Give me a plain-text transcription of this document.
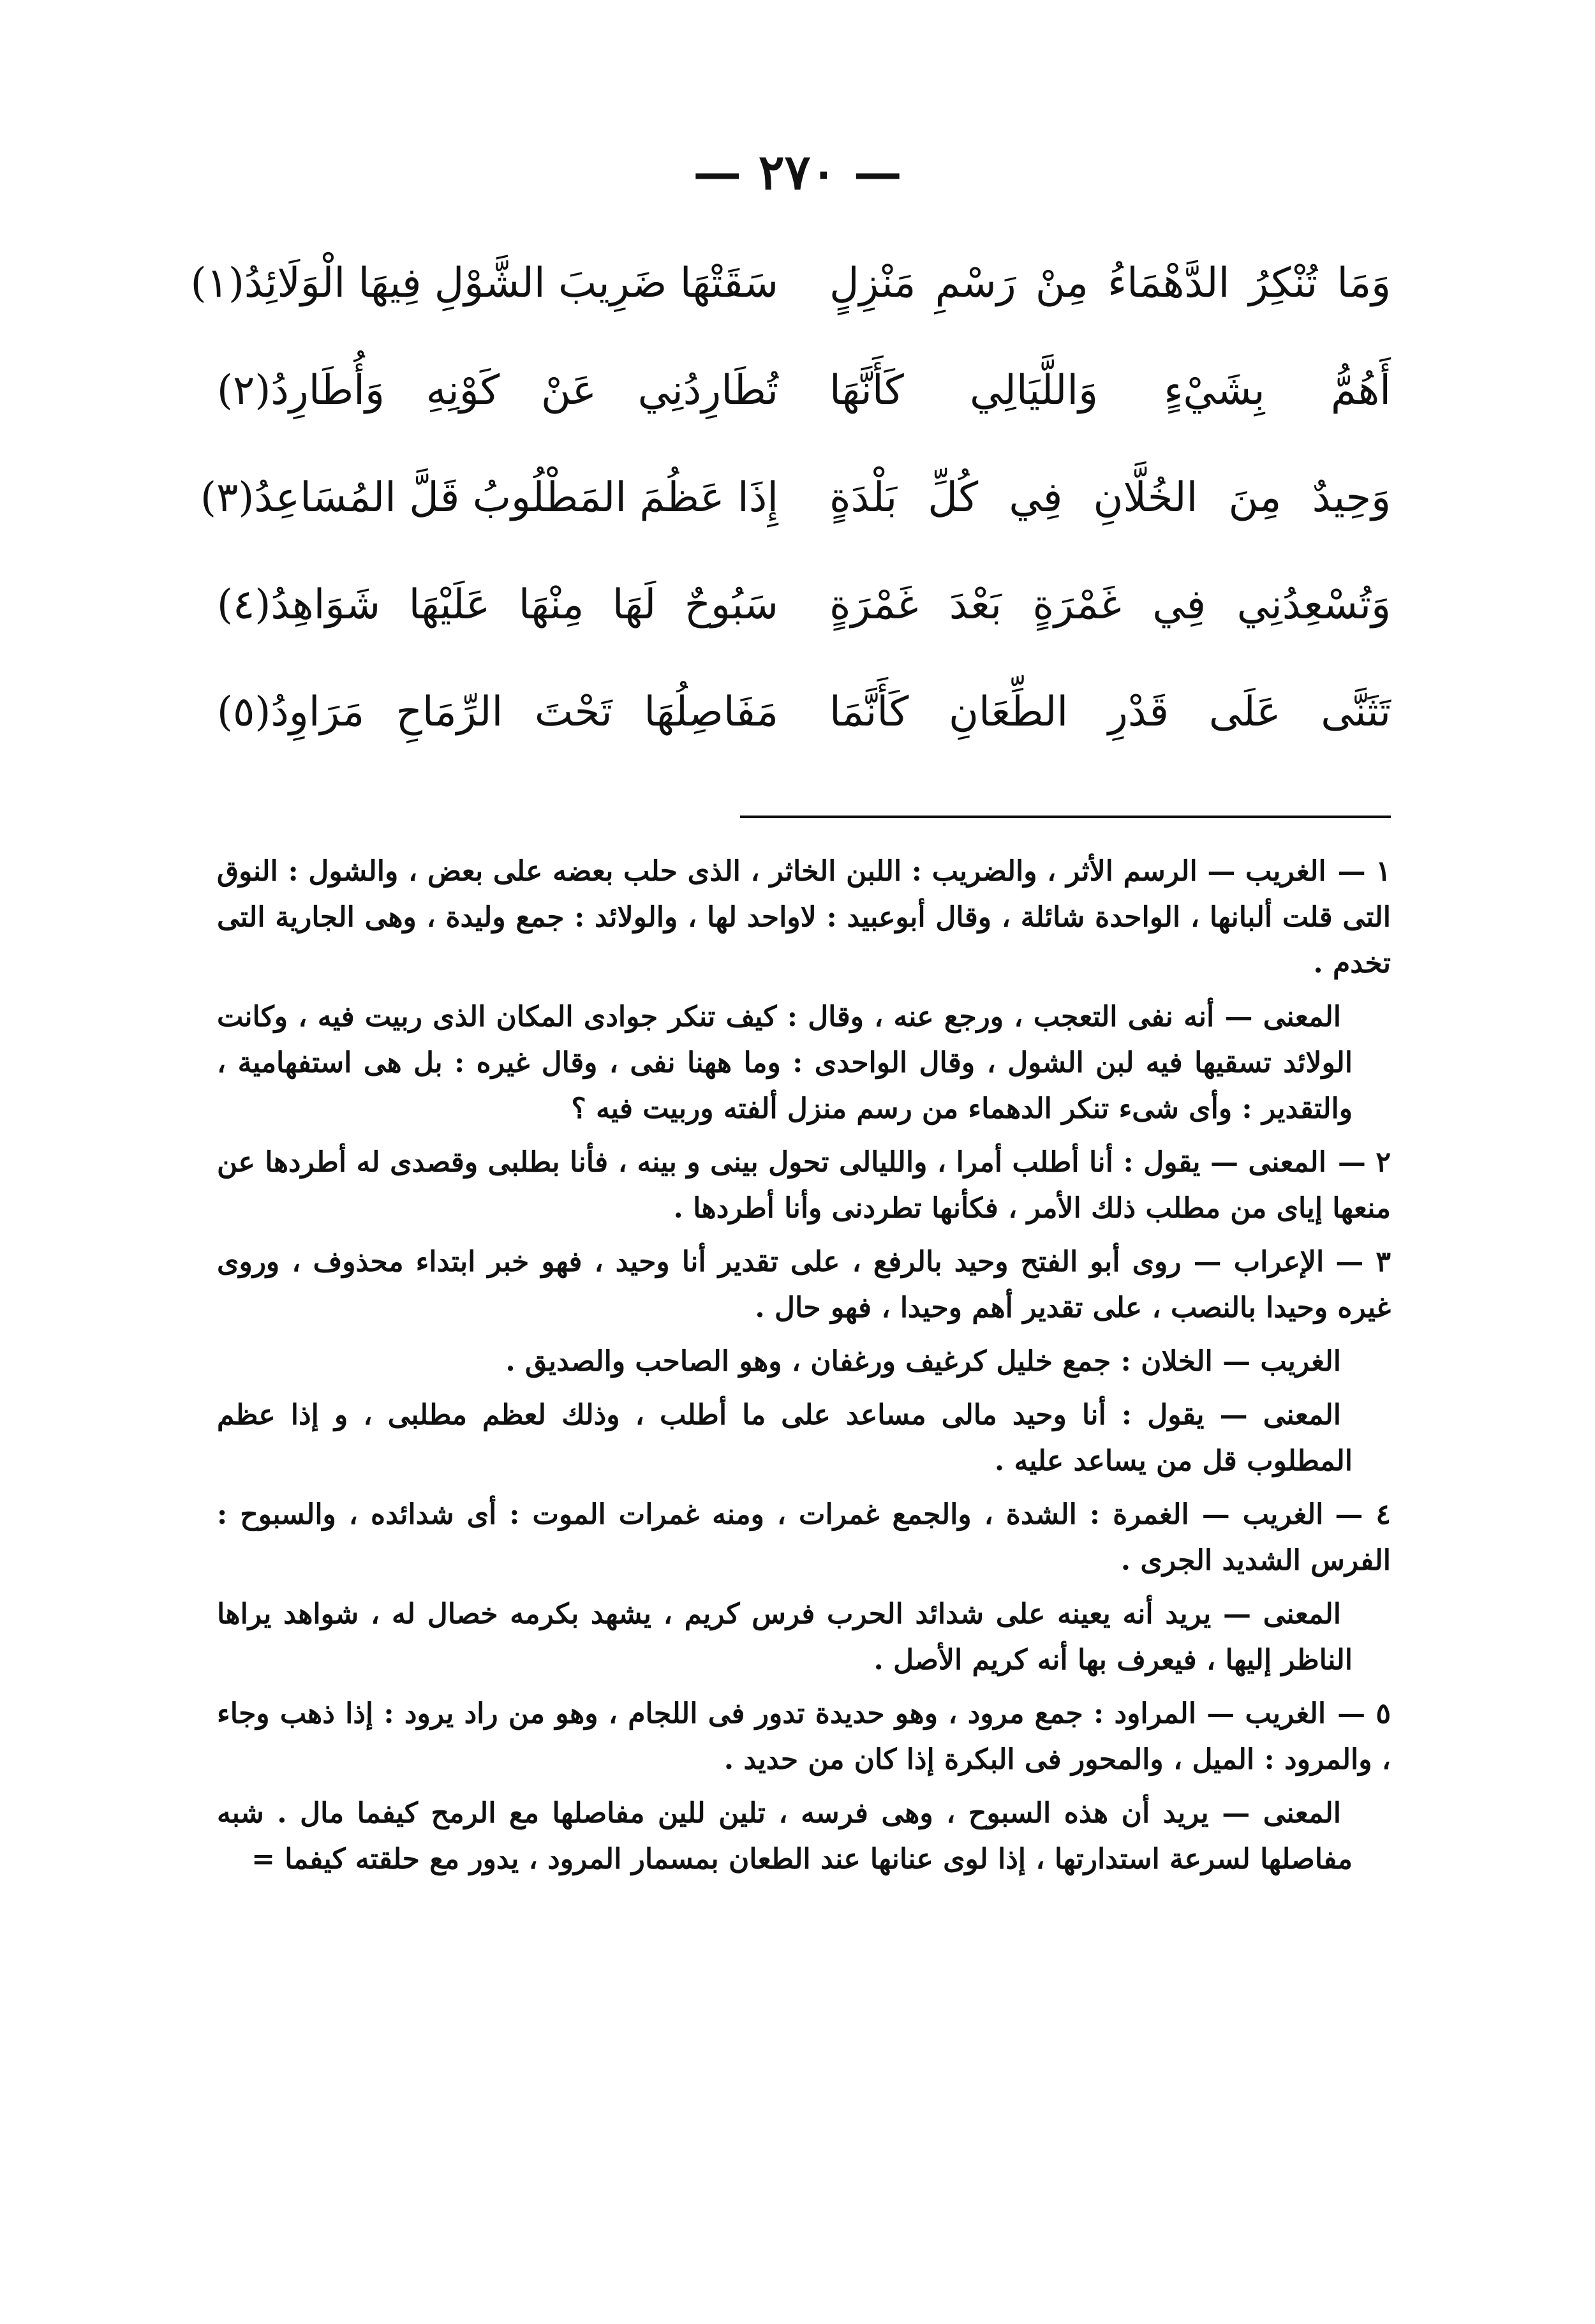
— ٢٧٠ —
وَمَا تُنْكِرُ الدَّهْمَاءُ مِنْ رَسْمِ مَنْزِلٍ
سَقَتْهَا ضَرِيبَ الشَّوْلِ فِيهَا الْوَلَائِدُ(١)
أَهُمُّ بِشَيْءٍ وَاللَّيَالِي كَأَنَّهَا
تُطَارِدُنِي عَنْ كَوْنِهِ وَأُطَارِدُ(٢)
وَحِيدٌ مِنَ الخُلَّانِ فِي كُلِّ بَلْدَةٍ
إِذَا عَظُمَ المَطْلُوبُ قَلَّ المُسَاعِدُ(٣)
وَتُسْعِدُنِي فِي غَمْرَةٍ بَعْدَ غَمْرَةٍ
سَبُوحٌ لَهَا مِنْهَا عَلَيْهَا شَوَاهِدُ(٤)
تَثَنَّى عَلَى قَدْرِ الطِّعَانِ كَأَنَّمَا
مَفَاصِلُهَا تَحْتَ الرِّمَاحِ مَرَاوِدُ(٥)

١ —الغريب — الرسم الأثر ، والضريب : اللبن الخاثر ، الذى حلب بعضه على بعض ، والشول : النوق التى قلت ألبانها ، الواحدة شائلة ، وقال أبوعبيد : لاواحد لها ، والولائد : جمع وليدة ، وهى الجارية التى تخدم .

المعنى — أنه نفى التعجب ، ورجع عنه ، وقال : كيف تنكر جوادى المكان الذى ربيت فيه ، وكانت الولائد تسقيها فيه لبن الشول ، وقال الواحدى : وما ههنا نفى ، وقال غيره : بل هى استفهامية ، والتقدير : وأى شىء تنكر الدهماء من رسم منزل ألفته وربيت فيه ؟

٢ —المعنى — يقول : أنا أطلب أمرا ، والليالى تحول بينى و بينه ، فأنا بطلبى وقصدى له أطردها عن منعها إياى من مطلب ذلك الأمر ، فكأنها تطردنى وأنا أطردها .

٣ —الإعراب — روى أبو الفتح وحيد بالرفع ، على تقدير أنا وحيد ، فهو خبر ابتداء محذوف ، وروى غيره وحيدا بالنصب ، على تقدير أهم وحيدا ، فهو حال .

الغريب — الخلان : جمع خليل كرغيف ورغفان ، وهو الصاحب والصديق .

المعنى — يقول : أنا وحيد مالى مساعد على ما أطلب ، وذلك لعظم مطلبى ، و إذا عظم المطلوب قل من يساعد عليه .

٤ —الغريب — الغمرة : الشدة ، والجمع غمرات ، ومنه غمرات الموت : أى شدائده ، والسبوح : الفرس الشديد الجرى .

المعنى — يريد أنه يعينه على شدائد الحرب فرس كريم ، يشهد بكرمه خصال له ، شواهد يراها الناظر إليها ، فيعرف بها أنه كريم الأصل .

٥ —الغريب — المراود : جمع مرود ، وهو حديدة تدور فى اللجام ، وهو من راد يرود : إذا ذهب وجاء ، والمرود : الميل ، والمحور فى البكرة إذا كان من حديد .

المعنى — يريد أن هذه السبوح ، وهى فرسه ، تلين للين مفاصلها مع الرمح كيفما مال . شبه مفاصلها لسرعة استدارتها ، إذا لوى عنانها عند الطعان بمسمار المرود ، يدور مع حلقته كيفما =
